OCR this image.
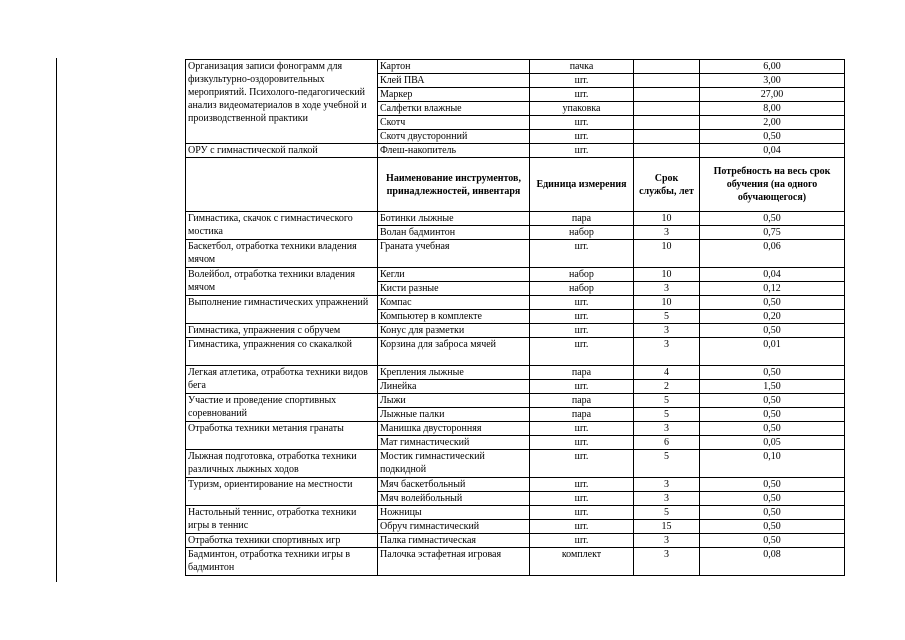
Организация записи фонограмм для физкультурно-оздоровительных мероприятий. Психолого-педагогический анализ видеоматериалов в ходе учебной и производственной практики	Картон	пачка		6,00
	Клей ПВА	шт.		3,00
	Маркер	шт.		27,00
	Салфетки влажные	упаковка		8,00
	Скотч	шт.		2,00
	Скотч двусторонний	шт.		0,50
ОРУ с гимнастической палкой	Флеш-накопитель	шт.		0,04
	Наименование инструментов, принадлежностей, инвентаря	Единица измерения	Срок службы, лет	Потребность на весь срок обучения (на одного обучающегося)
Гимнастика, скачок с гимнастического мостика	Ботинки лыжные	пара	10	0,50
	Волан бадминтон	набор	3	0,75
Баскетбол, отработка техники владения мячом	Граната учебная	шт.	10	0,06
Волейбол, отработка техники владения мячом	Кегли	набор	10	0,04
	Кисти разные	набор	3	0,12
Выполнение гимнастических упражнений	Компас	шт.	10	0,50
	Компьютер в комплекте	шт.	5	0,20
Гимнастика, упражнения с обручем	Конус для разметки	шт.	3	0,50
Гимнастика, упражнения со скакалкой	Корзина для заброса мячей	шт.	3	0,01
Легкая атлетика, отработка техники видов бега	Крепления лыжные	пара	4	0,50
	Линейка	шт.	2	1,50
Участие и проведение спортивных соревнований	Лыжи	пара	5	0,50
	Лыжные палки	пара	5	0,50
Отработка техники метания гранаты	Манишка двусторонняя	шт.	3	0,50
	Мат гимнастический	шт.	6	0,05
Лыжная подготовка, отработка техники различных лыжных ходов	Мостик гимнастический подкидной	шт.	5	0,10
Туризм, ориентирование на местности	Мяч баскетбольный	шт.	3	0,50
	Мяч волейбольный	шт.	3	0,50
Настольный теннис, отработка техники игры в теннис	Ножницы	шт.	5	0,50
	Обруч гимнастический	шт.	15	0,50
Отработка техники спортивных игр	Палка гимнастическая	шт.	3	0,50
Бадминтон, отработка техники игры в бадминтон	Палочка эстафетная игровая	комплект	3	0,08
